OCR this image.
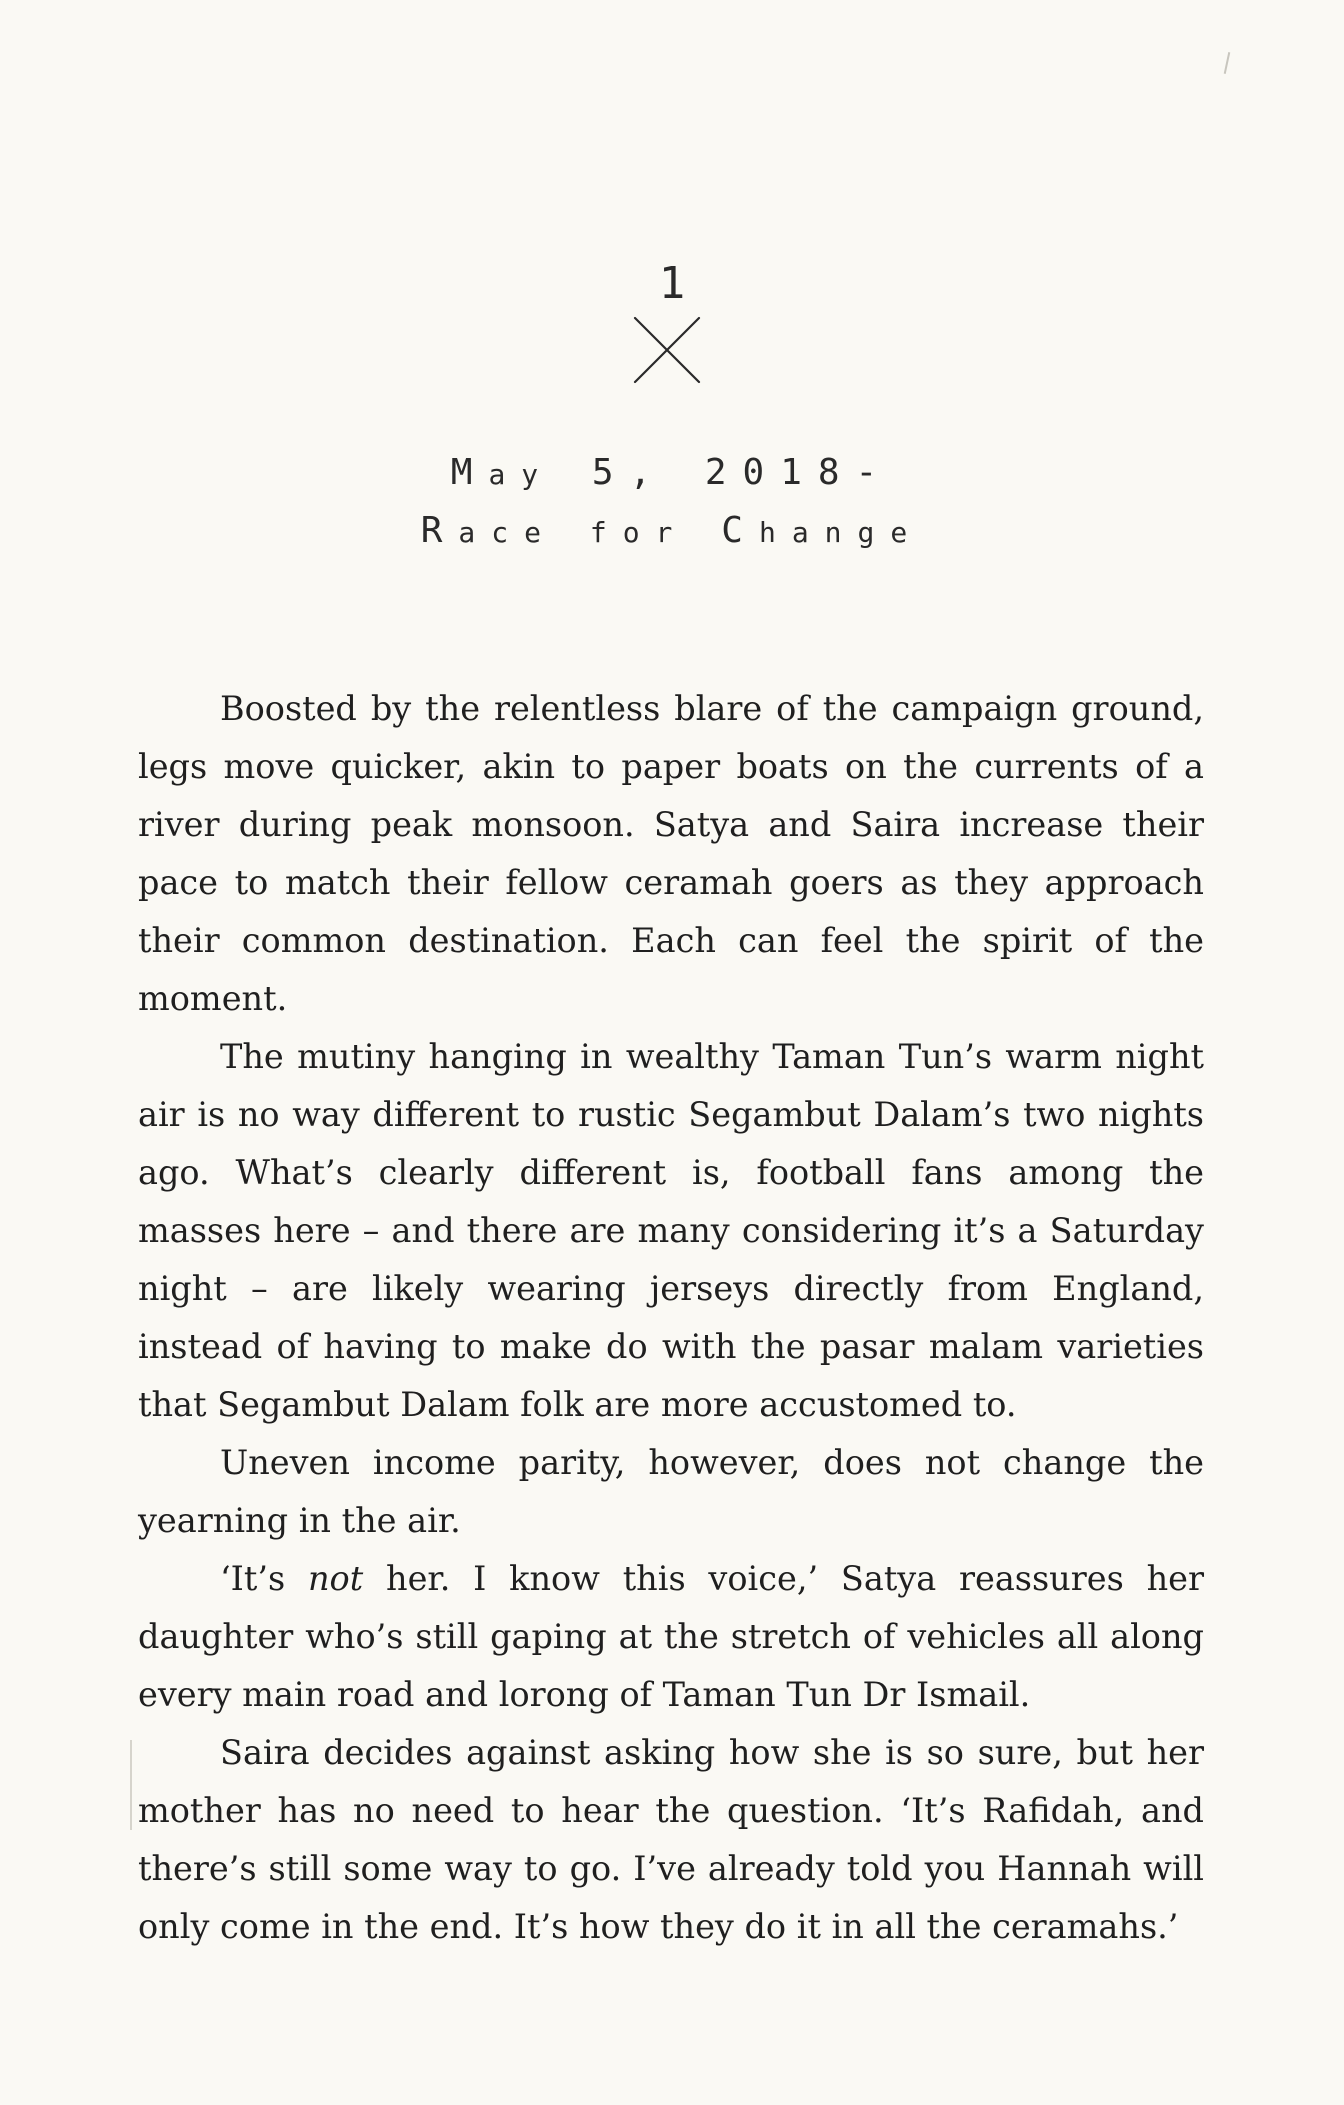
1
May 5, 2018-
Race for Change

Boosted by the relentless blare of the campaign ground, legs move quicker, akin to paper boats on the currents of a river during peak monsoon. Satya and Saira increase their pace to match their fellow ceramah goers as they approach their common destination. Each can feel the spirit of the moment.

The mutiny hanging in wealthy Taman Tun’s warm night air is no way different to rustic Segambut Dalam’s two nights ago. What’s clearly different is, football fans among the masses here – and there are many considering it’s a Saturday night – are likely wearing jerseys directly from England, instead of having to make do with the pasar malam varieties that Segambut Dalam folk are more accustomed to.

Uneven income parity, however, does not change the yearning in the air.

‘It’s not her. I know this voice,’ Satya reassures her daughter who’s still gaping at the stretch of vehicles all along every main road and lorong of Taman Tun Dr Ismail.

Saira decides against asking how she is so sure, but her mother has no need to hear the question. ‘It’s Rafidah, and there’s still some way to go. I’ve already told you Hannah will only come in the end. It’s how they do it in all the ceramahs.’
